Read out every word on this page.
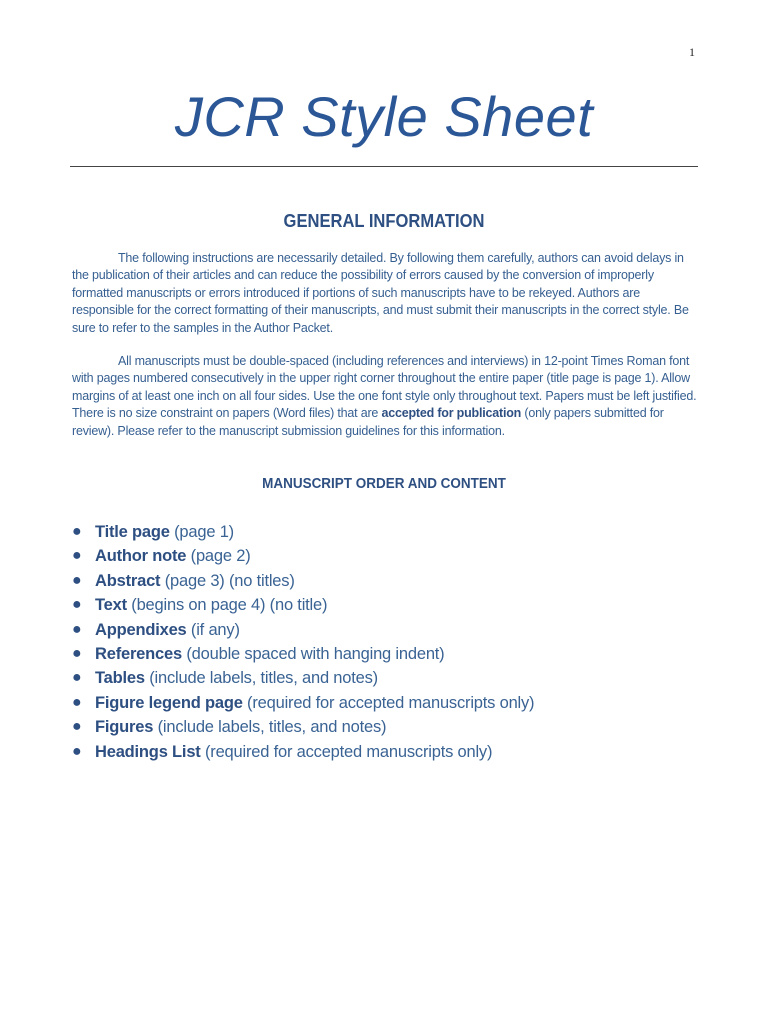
1
JCR Style Sheet
GENERAL INFORMATION
The following instructions are necessarily detailed. By following them carefully, authors can avoid delays in the publication of their articles and can reduce the possibility of errors caused by the conversion of improperly formatted manuscripts or errors introduced if portions of such manuscripts have to be rekeyed. Authors are responsible for the correct formatting of their manuscripts, and must submit their manuscripts in the correct style. Be sure to refer to the samples in the Author Packet.
All manuscripts must be double-spaced (including references and interviews) in 12-point Times Roman font with pages numbered consecutively in the upper right corner throughout the entire paper (title page is page 1). Allow margins of at least one inch on all four sides. Use the one font style only throughout text. Papers must be left justified. There is no size constraint on papers (Word files) that are accepted for publication (only papers submitted for review). Please refer to the manuscript submission guidelines for this information.
MANUSCRIPT ORDER AND CONTENT
● Title page (page 1)
● Author note (page 2)
● Abstract (page 3) (no titles)
● Text (begins on page 4) (no title)
● Appendixes (if any)
● References (double spaced with hanging indent)
● Tables (include labels, titles, and notes)
● Figure legend page (required for accepted manuscripts only)
● Figures (include labels, titles, and notes)
● Headings List (required for accepted manuscripts only)
